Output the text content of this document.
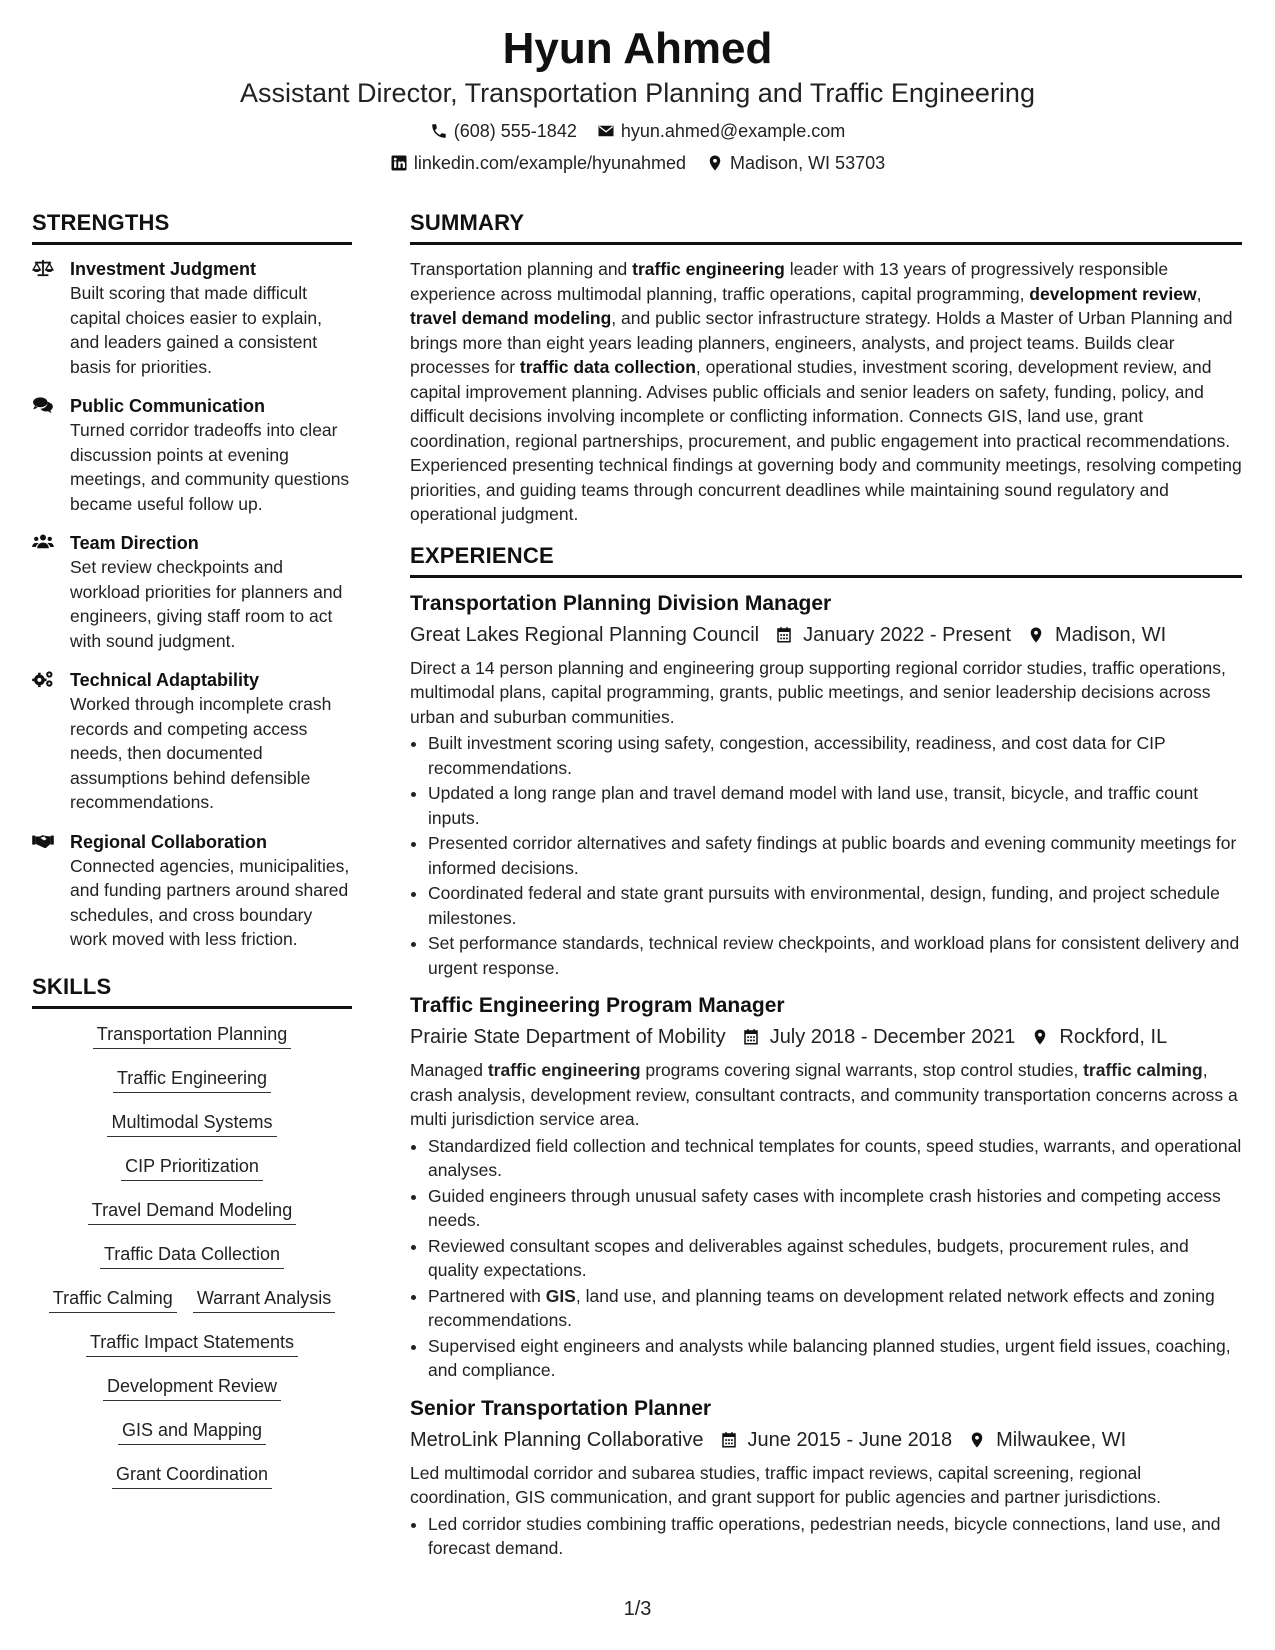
Hyun Ahmed
Assistant Director, Transportation Planning and Traffic Engineering
(608) 555-1842 hyun.ahmed@example.com
linkedin.com/example/hyunahmed Madison, WI 53703
STRENGTHS
Investment Judgment
Built scoring that made difficult capital choices easier to explain, and leaders gained a consistent basis for priorities.
Public Communication
Turned corridor tradeoffs into clear discussion points at evening meetings, and community questions became useful follow up.
Team Direction
Set review checkpoints and workload priorities for planners and engineers, giving staff room to act with sound judgment.
Technical Adaptability
Worked through incomplete crash records and competing access needs, then documented assumptions behind defensible recommendations.
Regional Collaboration
Connected agencies, municipalities, and funding partners around shared schedules, and cross boundary work moved with less friction.
SKILLS
Transportation Planning
Traffic Engineering
Multimodal Systems
CIP Prioritization
Travel Demand Modeling
Traffic Data Collection
Traffic Calming Warrant Analysis
Traffic Impact Statements
Development Review
GIS and Mapping
Grant Coordination
SUMMARY
Transportation planning and traffic engineering leader with 13 years of progressively responsible experience across multimodal planning, traffic operations, capital programming, development review, travel demand modeling, and public sector infrastructure strategy. Holds a Master of Urban Planning and brings more than eight years leading planners, engineers, analysts, and project teams. Builds clear processes for traffic data collection, operational studies, investment scoring, development review, and capital improvement planning. Advises public officials and senior leaders on safety, funding, policy, and difficult decisions involving incomplete or conflicting information. Connects GIS, land use, grant coordination, regional partnerships, procurement, and public engagement into practical recommendations. Experienced presenting technical findings at governing body and community meetings, resolving competing priorities, and guiding teams through concurrent deadlines while maintaining sound regulatory and operational judgment.
EXPERIENCE
Transportation Planning Division Manager
Great Lakes Regional Planning Council January 2022 - Present Madison, WI
Direct a 14 person planning and engineering group supporting regional corridor studies, traffic operations, multimodal plans, capital programming, grants, public meetings, and senior leadership decisions across urban and suburban communities.
• Built investment scoring using safety, congestion, accessibility, readiness, and cost data for CIP recommendations.
• Updated a long range plan and travel demand model with land use, transit, bicycle, and traffic count inputs.
• Presented corridor alternatives and safety findings at public boards and evening community meetings for informed decisions.
• Coordinated federal and state grant pursuits with environmental, design, funding, and project schedule milestones.
• Set performance standards, technical review checkpoints, and workload plans for consistent delivery and urgent response.
Traffic Engineering Program Manager
Prairie State Department of Mobility July 2018 - December 2021 Rockford, IL
Managed traffic engineering programs covering signal warrants, stop control studies, traffic calming, crash analysis, development review, consultant contracts, and community transportation concerns across a multi jurisdiction service area.
• Standardized field collection and technical templates for counts, speed studies, warrants, and operational analyses.
• Guided engineers through unusual safety cases with incomplete crash histories and competing access needs.
• Reviewed consultant scopes and deliverables against schedules, budgets, procurement rules, and quality expectations.
• Partnered with GIS, land use, and planning teams on development related network effects and zoning recommendations.
• Supervised eight engineers and analysts while balancing planned studies, urgent field issues, coaching, and compliance.
Senior Transportation Planner
MetroLink Planning Collaborative June 2015 - June 2018 Milwaukee, WI
Led multimodal corridor and subarea studies, traffic impact reviews, capital screening, regional coordination, GIS communication, and grant support for public agencies and partner jurisdictions.
• Led corridor studies combining traffic operations, pedestrian needs, bicycle connections, land use, and forecast demand.
1/3
